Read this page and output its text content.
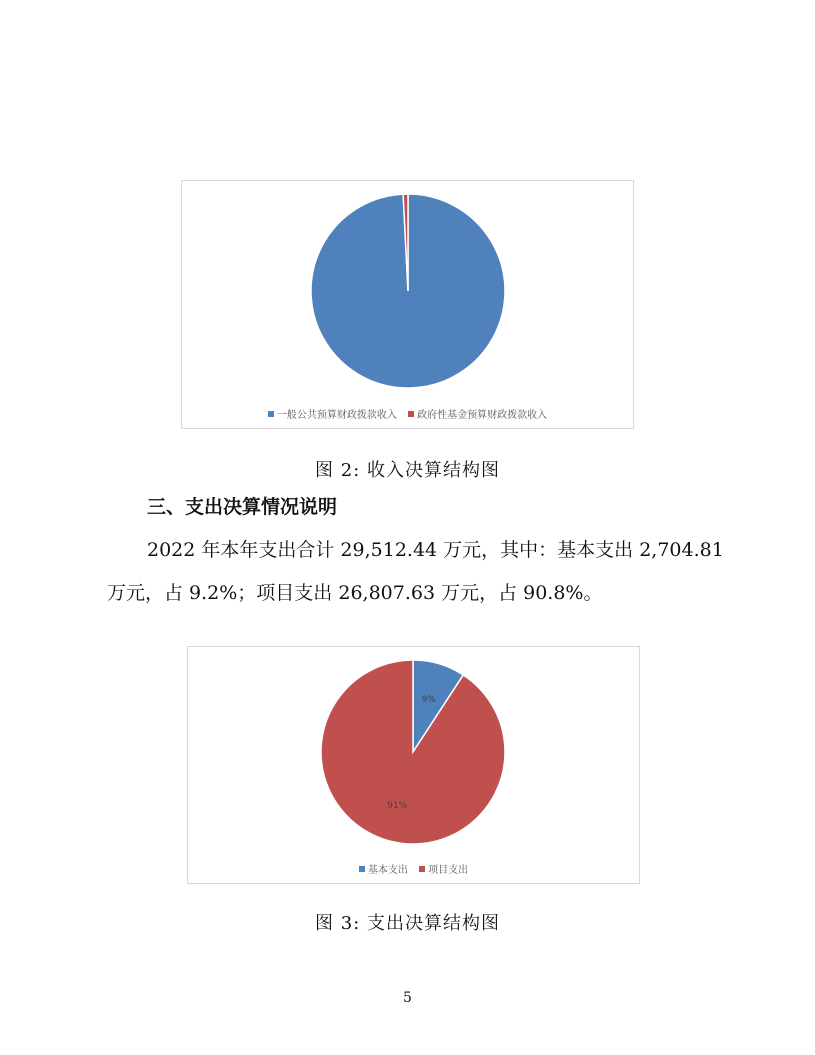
一般公共预算财政拨款收入 政府性基金预算财政拨款收入
图 2: 收入决算结构图
三、支出决算情况说明
2022 年本年支出合计 29,512.44 万元，其中：基本支出 2,704.81
万元，占 9.2%；项目支出 26,807.63 万元，占 90.8%。
9%
91%
基本支出 项目支出
图 3: 支出决算结构图
5
